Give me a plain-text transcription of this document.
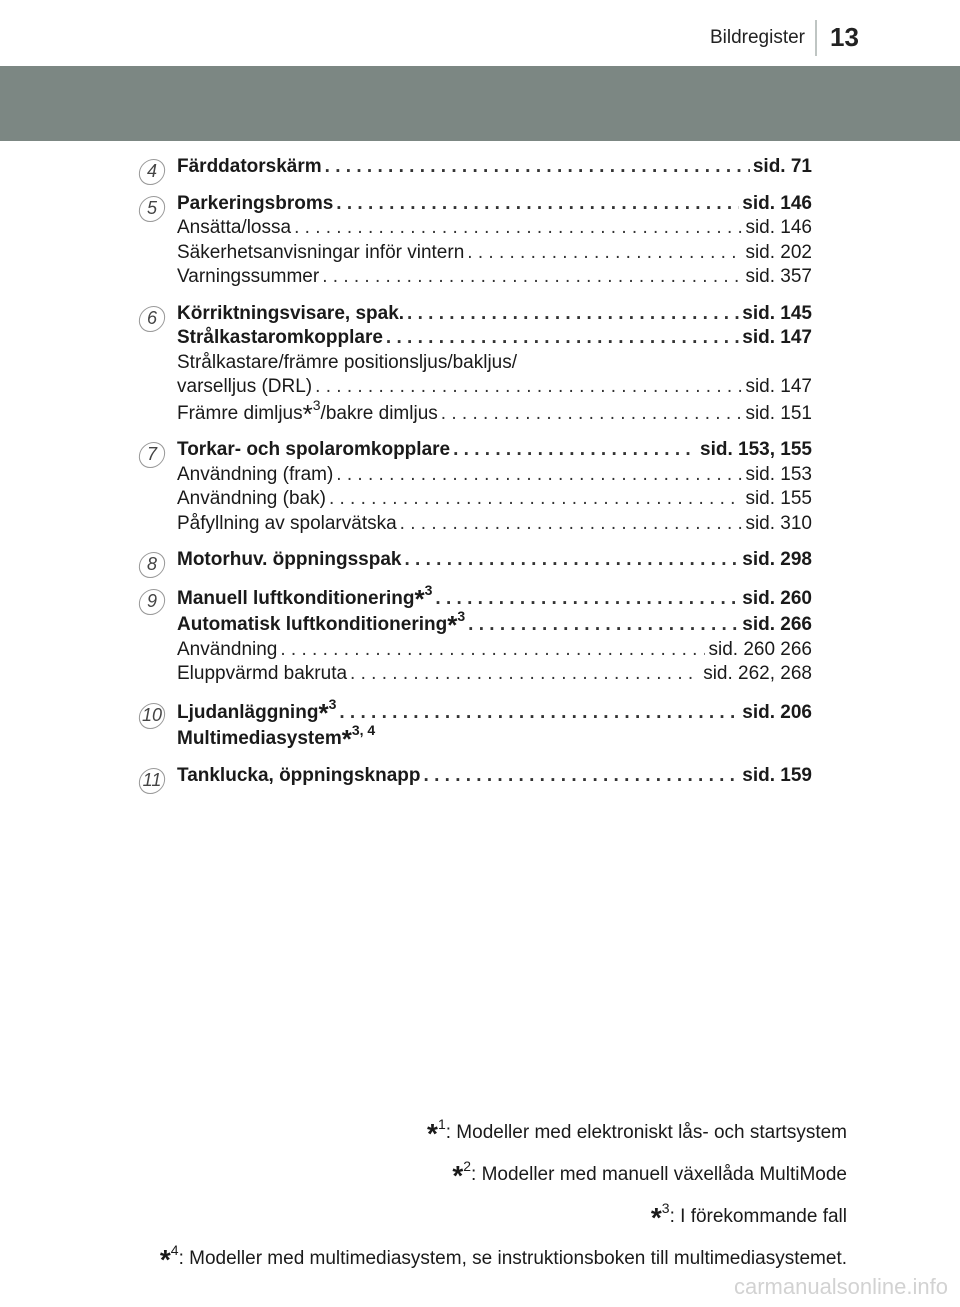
Bildregister 13
4	Färddatorskärm . . .	sid. 71
5	Parkeringsbroms . . .	sid. 146
Ansätta/lossa . . .	sid. 146
Säkerhetsanvisningar inför vintern . . .	sid. 202
Varningssummer . . .	sid. 357
6	Körriktningsvisare, spak. . . .	sid. 145
Strålkastaromkopplare . . .	sid. 147
Strålkastare/främre positionsljus/bakljus/
varselljus (DRL) . . .	sid. 147
Främre dimljus*$^3$/bakre dimljus . . .	sid. 151
7	Torkar- och spolaromkopplare . . .	sid. 153, 155
Användning (fram) . . .	sid. 153
Användning (bak) . . .	sid. 155
Påfyllning av spolarvätska . . .	sid. 310
8	Motorhuv. öppningsspak . . .	sid. 298
9	Manuell luftkonditionering*$^3$ . . .	sid. 260
Automatisk luftkonditionering*$^3$ . . .	sid. 266
Användning . . .	sid. 260 266
Eluppvärmd bakruta . . .	sid. 262, 268
10 Ljudanläggning*$^3$ . . .	sid. 206
Multimediasystem*$^{3, 4}$
11 Tanklucka, öppningsknapp . . .	sid. 159
*$^1$: Modeller med elektroniskt lås- och startsystem
*$^2$: Modeller med manuell växellåda MultiMode
*$^3$: I förekommande fall
*$^4$: Modeller med multimediasystem, se instruktionsboken till multimediasystemet.
carmanualsonline.info
